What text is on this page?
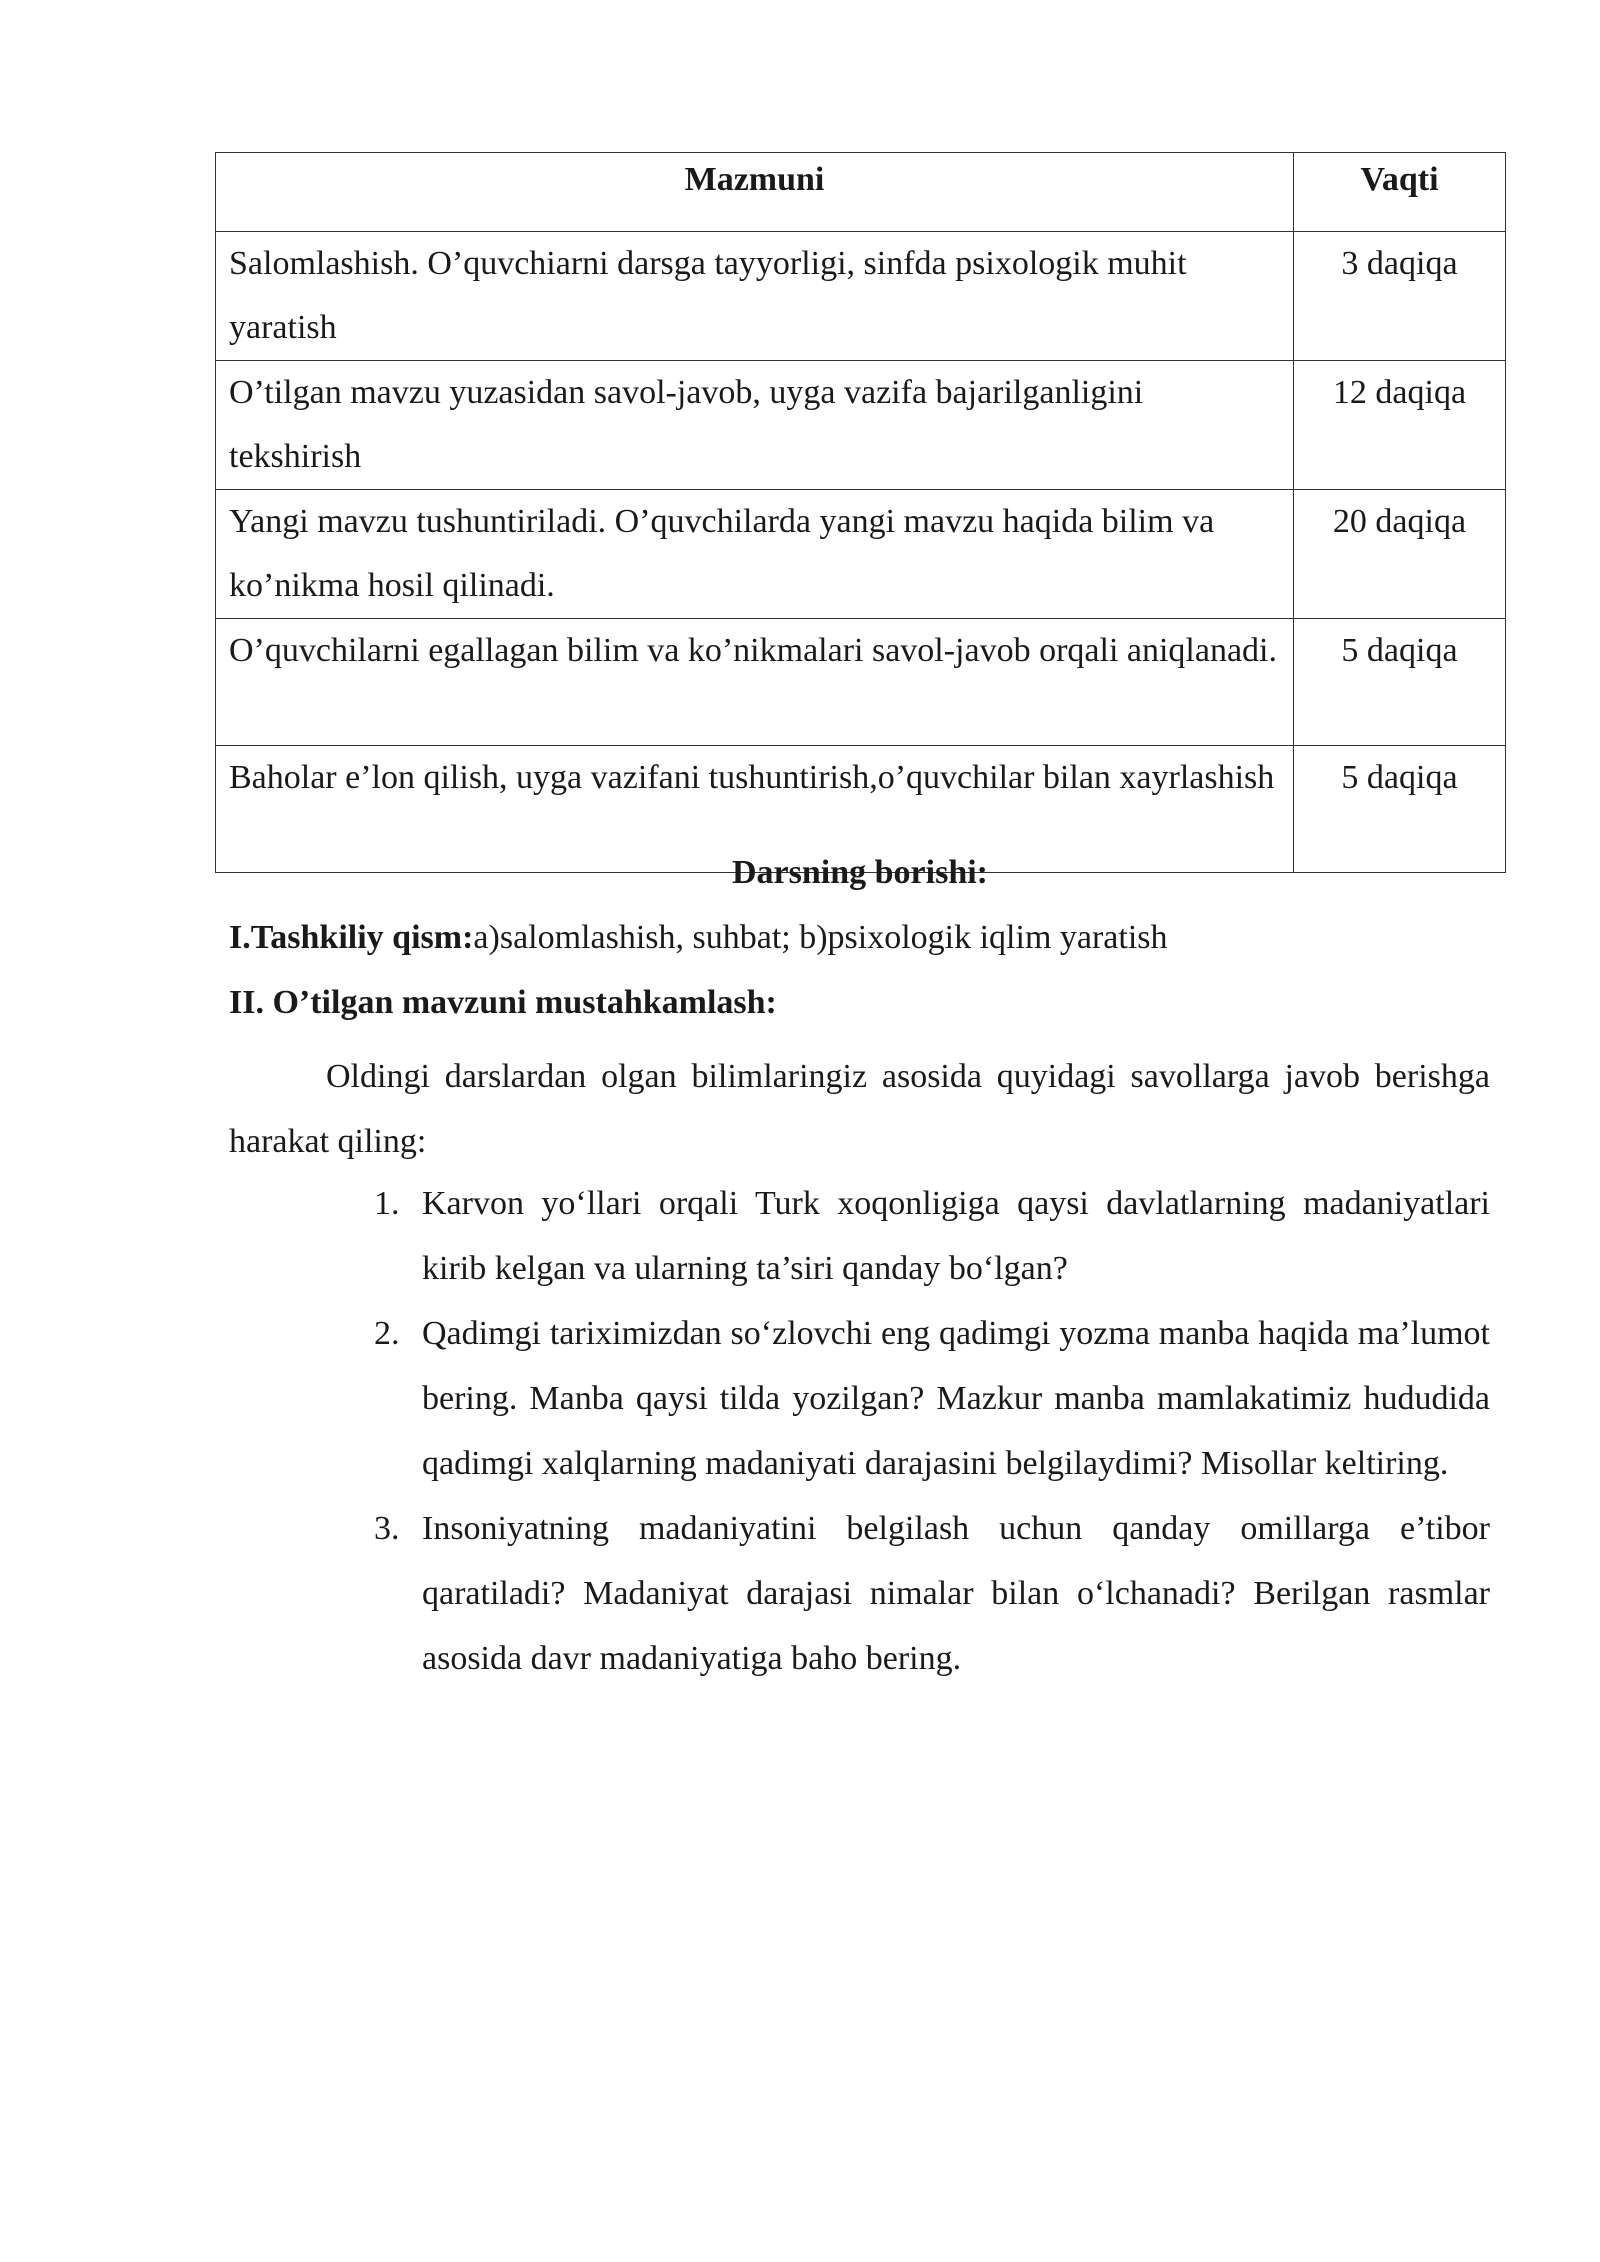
Mazmuni	Vaqti
Salomlashish. O’quvchiarni darsga tayyorligi, sinfda psixologik muhit yaratish	3 daqiqa
O’tilgan mavzu yuzasidan savol-javob, uyga vazifa bajarilganligini tekshirish	12 daqiqa
Yangi mavzu tushuntiriladi. O’quvchilarda yangi mavzu haqida bilim va ko’nikma hosil qilinadi.	20 daqiqa
O’quvchilarni egallagan bilim va ko’nikmalari savol-javob orqali aniqlanadi.	5 daqiqa
Baholar e’lon qilish, uyga vazifani tushuntirish,o’quvchilar bilan xayrlashish	5 daqiqa
Darsning borishi:
I.Tashkiliy qism:a)salomlashish, suhbat; b)psixologik iqlim yaratish
II. O’tilgan mavzuni mustahkamlash:
Oldingi darslardan olgan bilimlaringiz asosida quyidagi savollarga javob berishga harakat qiling:
1. Karvon yo‘llari orqali Turk xoqonligiga qaysi davlatlarning madaniyatlari kirib kelgan va ularning ta’siri qanday bo‘lgan?
2. Qadimgi tariximizdan so‘zlovchi eng qadimgi yozma manba haqida ma’lumot bering. Manba qaysi tilda yozilgan? Mazkur manba mamlakatimiz hududida qadimgi xalqlarning madaniyati darajasini belgilaydimi? Misollar keltiring.
3. Insoniyatning madaniyatini belgilash uchun qanday omillarga e’tibor qaratiladi? Madaniyat darajasi nimalar bilan o‘lchanadi? Berilgan rasmlar asosida davr madaniyatiga baho bering.
